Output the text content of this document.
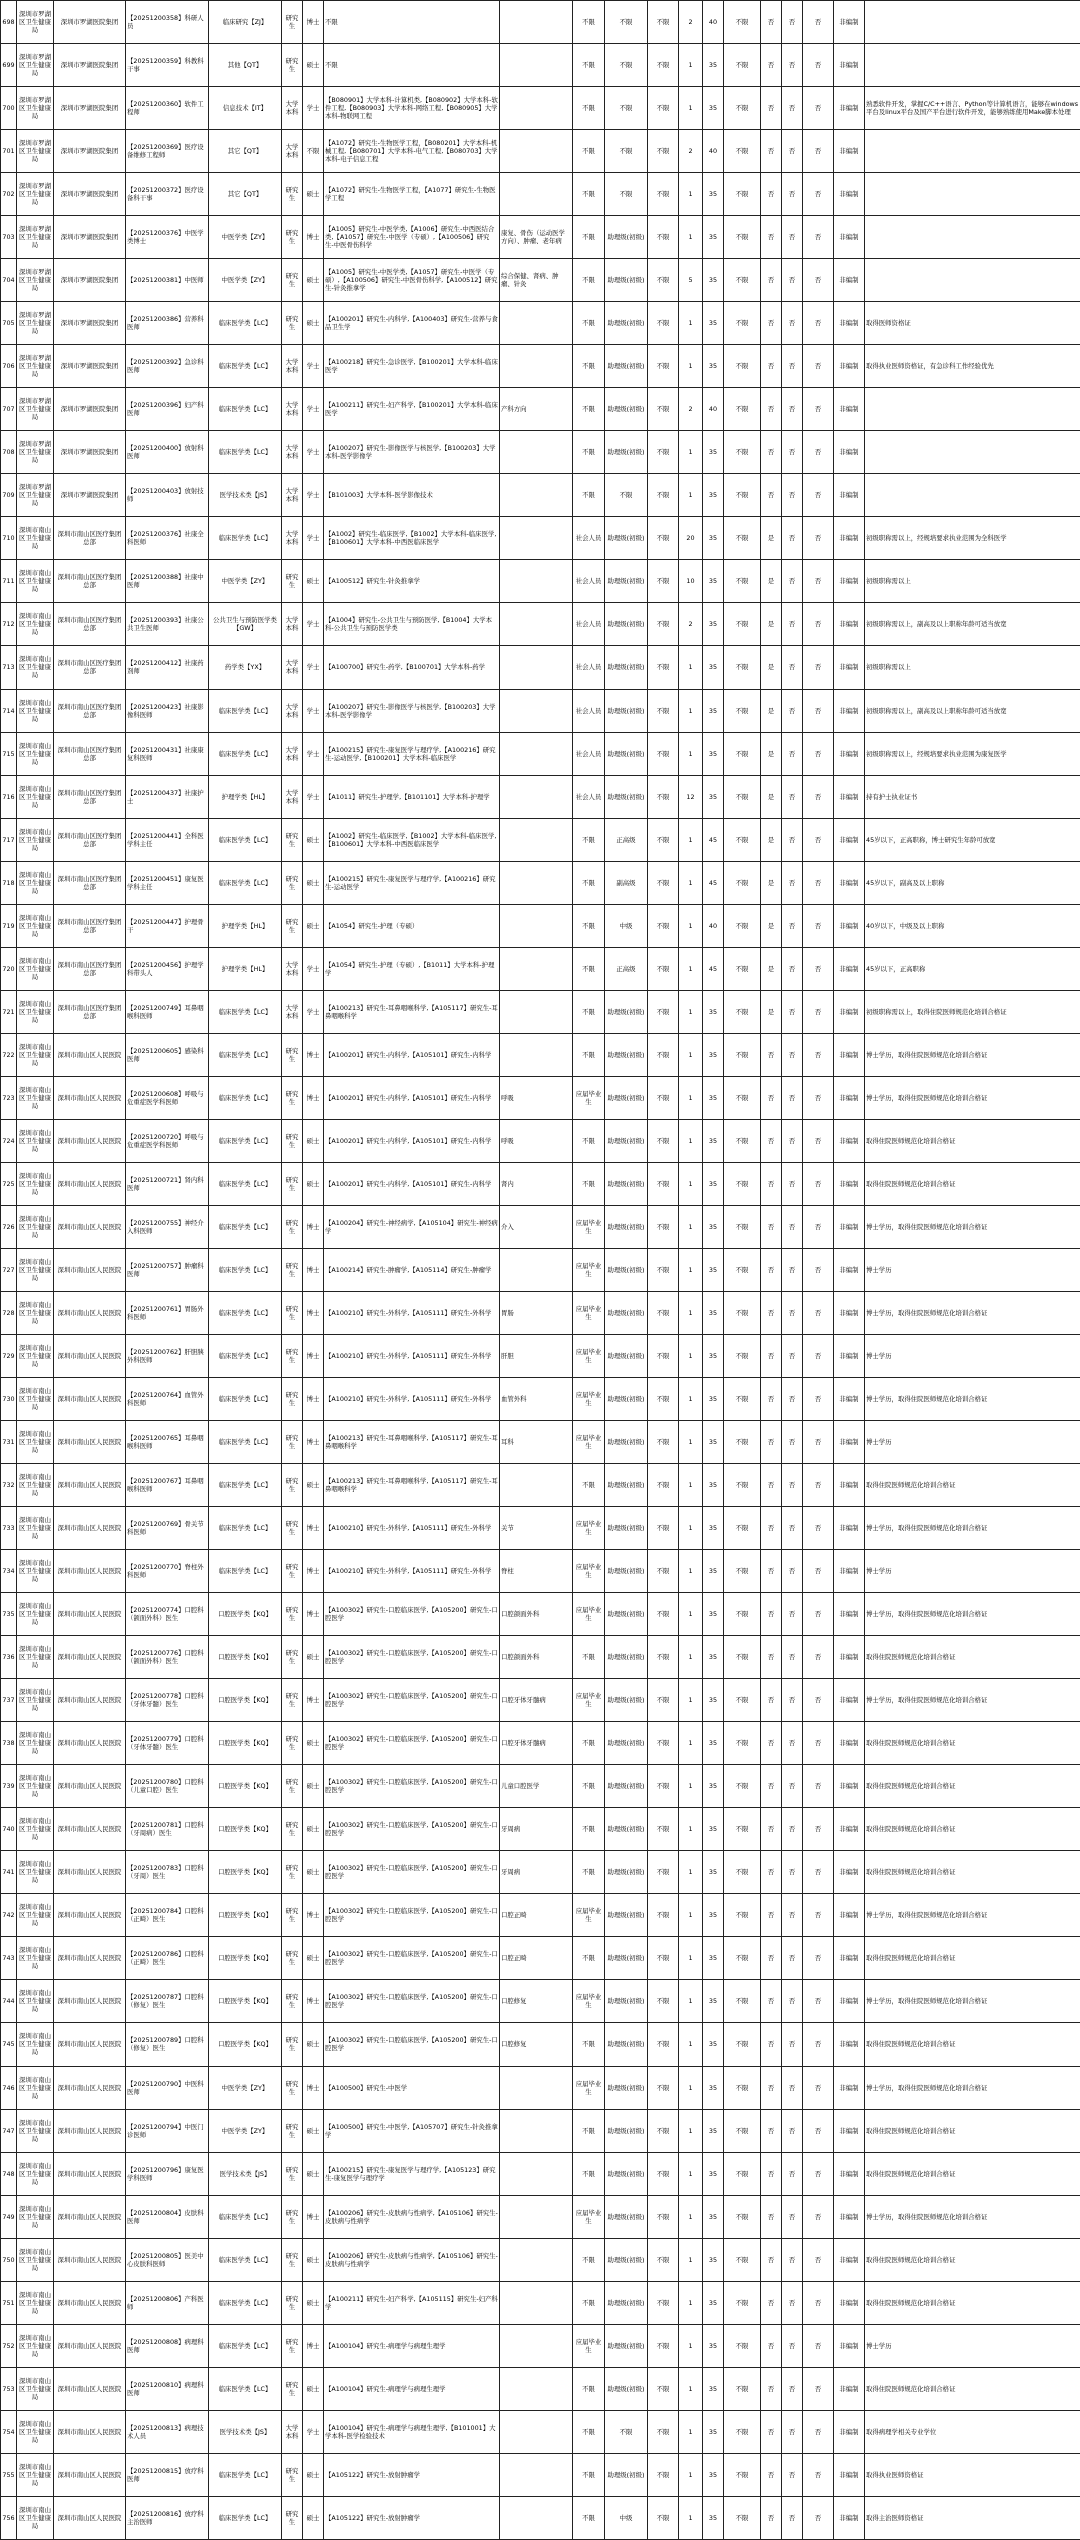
698	深圳市罗湖区卫生健康局	深圳市罗湖医院集团	【20251200358】科研人员	临床研究【ZJ】	研究生	博士	不限		不限	不限	不限	2	40	不限	否	否	否	非编制	
699	深圳市罗湖区卫生健康局	深圳市罗湖医院集团	【20251200359】科教科干事	其他【QT】	研究生	硕士	不限		不限	不限	不限	1	35	不限	否	否	否	非编制	
700	深圳市罗湖区卫生健康局	深圳市罗湖医院集团	【20251200360】软件工程师	信息技术【IT】	大学本科	学士	【B080901】大学本科-计算机类,【B080902】大学本科-软件工程,【B080903】大学本科-网络工程,【B080905】大学本科-物联网工程		不限	不限	不限	1	35	不限	否	否	否	非编制	熟悉软件开发，掌握C/C++语言、Python等计算机语言，能够在windows平台及linux平台及国产平台进行软件开发，能够熟练使用Make脚本处理
701	深圳市罗湖区卫生健康局	深圳市罗湖医院集团	【20251200369】医疗设备维修工程师	其它【QT】	大学本科	不限	【A1072】研究生-生物医学工程，【B080201】大学本科-机械工程,【B080701】大学本科-电气工程,【B080703】大学本科-电子信息工程		不限	不限	不限	2	40	不限	否	否	否	非编制	
702	深圳市罗湖区卫生健康局	深圳市罗湖医院集团	【20251200372】医疗设备科干事	其它【QT】	研究生	硕士	【A1072】研究生-生物医学工程，【A1077】研究生-生物医学工程		不限	不限	不限	1	35	不限	否	否	否	非编制	
703	深圳市罗湖区卫生健康局	深圳市罗湖医院集团	【20251200376】中医学类博士	中医学类【ZY】	研究生	博士	【A1005】研究生-中医学类,【A1006】研究生-中西医结合类,【A1057】研究生-中医学（专硕）,【A100506】研究生-中医骨伤科学	康复、骨伤（运动医学方向）、肿瘤、老年病	不限	助理级(初级)	不限	1	35	不限	否	否	否	非编制	
704	深圳市罗湖区卫生健康局	深圳市罗湖医院集团	【20251200381】中医师	中医学类【ZY】	研究生	硕士	【A1005】研究生-中医学类,【A1057】研究生-中医学（专硕）,【A100506】研究生-中医骨伤科学,【A100512】研究生-针灸推拿学	综合保健、肾病、肿瘤、针灸	不限	助理级(初级)	不限	5	35	不限	否	否	否	非编制	
705	深圳市罗湖区卫生健康局	深圳市罗湖医院集团	【20251200386】营养科医师	临床医学类【LC】	研究生	硕士	【A100201】研究生-内科学,【A100403】研究生-营养与食品卫生学		不限	助理级(初级)	不限	1	35	不限	否	否	否	非编制	取得医师资格证
706	深圳市罗湖区卫生健康局	深圳市罗湖医院集团	【20251200392】急诊科医师	临床医学类【LC】	大学本科	学士	【A100218】研究生-急诊医学,【B100201】大学本科-临床医学		不限	助理级(初级)	不限	1	35	不限	否	否	否	非编制	取得执业医师资格证，有急诊科工作经验优先
707	深圳市罗湖区卫生健康局	深圳市罗湖医院集团	【20251200396】妇产科医师	临床医学类【LC】	大学本科	学士	【A100211】研究生-妇产科学,【B100201】大学本科-临床医学	产科方向	不限	助理级(初级)	不限	2	40	不限	否	否	否	非编制	
708	深圳市罗湖区卫生健康局	深圳市罗湖医院集团	【20251200400】放射科医师	临床医学类【LC】	大学本科	学士	【A100207】研究生-影像医学与核医学,【B100203】大学本科-医学影像学		不限	助理级(初级)	不限	1	35	不限	否	否	否	非编制	
709	深圳市罗湖区卫生健康局	深圳市罗湖医院集团	【20251200403】放射技师	医学技术类【JS】	大学本科	学士	【B101003】大学本科-医学影像技术		不限	不限	不限	1	35	不限	否	否	否	非编制	
710	深圳市南山区卫生健康局	深圳市南山区医疗集团总部	【20251200376】社康全科医师	临床医学类【LC】	大学本科	学士	【A1002】研究生-临床医学,【B1002】大学本科-临床医学,【B100601】大学本科-中西医临床医学		社会人员	助理级(初级)	不限	20	35	不限	是	否	否	非编制	初级职称需以上，经规培要求执业范围为全科医学
711	深圳市南山区卫生健康局	深圳市南山区医疗集团总部	【20251200388】社康中医师	中医学类【ZY】	研究生	硕士	【A100512】研究生-针灸推拿学		社会人员	助理级(初级)	不限	10	35	不限	是	否	否	非编制	初级职称需以上
712	深圳市南山区卫生健康局	深圳市南山区医疗集团总部	【20251200393】社康公共卫生医师	公共卫生与预防医学类【GW】	大学本科	学士	【A1004】研究生-公共卫生与预防医学,【B1004】大学本科-公共卫生与预防医学类		社会人员	助理级(初级)	不限	2	35	不限	是	否	否	非编制	初级职称需以上，副高及以上职称年龄可适当放宽
713	深圳市南山区卫生健康局	深圳市南山区医疗集团总部	【20251200412】社康药剂师	药学类【YX】	大学本科	学士	【A100700】研究生-药学,【B100701】大学本科-药学		社会人员	助理级(初级)	不限	1	35	不限	是	否	否	非编制	初级职称需以上
714	深圳市南山区卫生健康局	深圳市南山区医疗集团总部	【20251200423】社康影像科医师	临床医学类【LC】	大学本科	学士	【A100207】研究生-影像医学与核医学,【B100203】大学本科-医学影像学		社会人员	助理级(初级)	不限	1	35	不限	是	否	否	非编制	初级职称需以上，副高及以上职称年龄可适当放宽
715	深圳市南山区卫生健康局	深圳市南山区医疗集团总部	【20251200431】社康康复科医师	临床医学类【LC】	大学本科	学士	【A100215】研究生-康复医学与理疗学,【A100216】研究生-运动医学,【B100201】大学本科-临床医学		社会人员	助理级(初级)	不限	1	35	不限	是	否	否	非编制	初级职称需以上，经规培要求执业范围为康复医学
716	深圳市南山区卫生健康局	深圳市南山区医疗集团总部	【20251200437】社康护士	护理学类【HL】	大学本科	学士	【A1011】研究生-护理学,【B101101】大学本科-护理学		社会人员	助理级(初级)	不限	12	35	不限	是	否	否	非编制	持有护士执业证书
717	深圳市南山区卫生健康局	深圳市南山区医疗集团总部	【20251200441】全科医学科主任	临床医学类【LC】	研究生	硕士	【A1002】研究生-临床医学,【B1002】大学本科-临床医学,【B100601】大学本科-中西医临床医学		不限	正高级	不限	1	45	不限	是	否	否	非编制	45岁以下，正高职称，博士研究生年龄可放宽
718	深圳市南山区卫生健康局	深圳市南山区医疗集团总部	【20251200451】康复医学科主任	临床医学类【LC】	研究生	硕士	【A100215】研究生-康复医学与理疗学,【A100216】研究生-运动医学		不限	副高级	不限	1	45	不限	是	否	否	非编制	45岁以下，副高及以上职称
719	深圳市南山区卫生健康局	深圳市南山区医疗集团总部	【20251200447】护理骨干	护理学类【HL】	研究生	硕士	【A1054】研究生-护理（专硕）		不限	中级	不限	1	40	不限	是	否	否	非编制	40岁以下，中级及以上职称
720	深圳市南山区卫生健康局	深圳市南山区医疗集团总部	【20251200456】护理学科带头人	护理学类【HL】	大学本科	学士	【A1054】研究生-护理（专硕）,【B1011】大学本科-护理学		不限	正高级	不限	1	45	不限	是	否	否	非编制	45岁以下，正高职称
721	深圳市南山区卫生健康局	深圳市南山区医疗集团总部	【20251200749】耳鼻咽喉科医师	临床医学类【LC】	大学本科	学士	【A100213】研究生-耳鼻咽喉科学,【A105117】研究生-耳鼻咽喉科学		不限	助理级(初级)	不限	1	35	不限	是	否	否	非编制	初级职称需以上，取得住院医师规范化培训合格证
722	深圳市南山区卫生健康局	深圳市南山区人民医院	【20251200605】感染科医师	临床医学类【LC】	研究生	博士	【A100201】研究生-内科学,【A105101】研究生-内科学		不限	助理级(初级)	不限	1	35	不限	否	否	否	非编制	博士学历，取得住院医师规范化培训合格证
723	深圳市南山区卫生健康局	深圳市南山区人民医院	【20251200608】呼吸与危重症医学科医师	临床医学类【LC】	研究生	博士	【A100201】研究生-内科学,【A105101】研究生-内科学	呼吸	应届毕业生	助理级(初级)	不限	1	35	不限	否	否	否	非编制	博士学历，取得住院医师规范化培训合格证
724	深圳市南山区卫生健康局	深圳市南山区人民医院	【20251200720】呼吸与危重症医学科医师	临床医学类【LC】	研究生	硕士	【A100201】研究生-内科学,【A105101】研究生-内科学	呼吸	不限	助理级(初级)	不限	1	35	不限	否	否	否	非编制	取得住院医师规范化培训合格证
725	深圳市南山区卫生健康局	深圳市南山区人民医院	【20251200721】肾内科医师	临床医学类【LC】	研究生	硕士	【A100201】研究生-内科学,【A105101】研究生-内科学	肾内	不限	助理级(初级)	不限	1	35	不限	否	否	否	非编制	取得住院医师规范化培训合格证
726	深圳市南山区卫生健康局	深圳市南山区人民医院	【20251200755】神经介入科医师	临床医学类【LC】	研究生	博士	【A100204】研究生-神经病学,【A105104】研究生-神经病学	介入	应届毕业生	助理级(初级)	不限	1	35	不限	否	否	否	非编制	博士学历，取得住院医师规范化培训合格证
727	深圳市南山区卫生健康局	深圳市南山区人民医院	【20251200757】肿瘤科医师	临床医学类【LC】	研究生	博士	【A100214】研究生-肿瘤学,【A105114】研究生-肿瘤学		应届毕业生	助理级(初级)	不限	1	35	不限	否	否	否	非编制	博士学历
728	深圳市南山区卫生健康局	深圳市南山区人民医院	【20251200761】胃肠外科医师	临床医学类【LC】	研究生	博士	【A100210】研究生-外科学,【A105111】研究生-外科学	胃肠	应届毕业生	助理级(初级)	不限	1	35	不限	否	否	否	非编制	博士学历，取得住院医师规范化培训合格证
729	深圳市南山区卫生健康局	深圳市南山区人民医院	【20251200762】肝胆胰外科医师	临床医学类【LC】	研究生	博士	【A100210】研究生-外科学,【A105111】研究生-外科学	肝胆	应届毕业生	助理级(初级)	不限	1	35	不限	否	否	否	非编制	博士学历
730	深圳市南山区卫生健康局	深圳市南山区人民医院	【20251200764】血管外科医师	临床医学类【LC】	研究生	博士	【A100210】研究生-外科学,【A105111】研究生-外科学	血管外科	应届毕业生	助理级(初级)	不限	1	35	不限	否	否	否	非编制	博士学历，取得住院医师规范化培训合格证
731	深圳市南山区卫生健康局	深圳市南山区人民医院	【20251200765】耳鼻咽喉科医师	临床医学类【LC】	研究生	博士	【A100213】研究生-耳鼻咽喉科学,【A105117】研究生-耳鼻咽喉科学	耳科	应届毕业生	助理级(初级)	不限	1	35	不限	否	否	否	非编制	博士学历
732	深圳市南山区卫生健康局	深圳市南山区人民医院	【20251200767】耳鼻咽喉科医师	临床医学类【LC】	研究生	硕士	【A100213】研究生-耳鼻咽喉科学,【A105117】研究生-耳鼻咽喉科学		不限	助理级(初级)	不限	1	35	不限	否	否	否	非编制	取得住院医师规范化培训合格证
733	深圳市南山区卫生健康局	深圳市南山区人民医院	【20251200769】骨关节科医师	临床医学类【LC】	研究生	博士	【A100210】研究生-外科学,【A105111】研究生-外科学	关节	应届毕业生	助理级(初级)	不限	1	35	不限	否	否	否	非编制	博士学历，取得住院医师规范化培训合格证
734	深圳市南山区卫生健康局	深圳市南山区人民医院	【20251200770】脊柱外科医师	临床医学类【LC】	研究生	博士	【A100210】研究生-外科学,【A105111】研究生-外科学	脊柱	应届毕业生	助理级(初级)	不限	1	35	不限	否	否	否	非编制	博士学历
735	深圳市南山区卫生健康局	深圳市南山区人民医院	【20251200774】口腔科（颌面外科）医生	口腔医学类【KQ】	研究生	博士	【A100302】研究生-口腔临床医学,【A105200】研究生-口腔医学	口腔颌面外科	应届毕业生	助理级(初级)	不限	1	35	不限	否	否	否	非编制	博士学历，取得住院医师规范化培训合格证
736	深圳市南山区卫生健康局	深圳市南山区人民医院	【20251200776】口腔科（颌面外科）医生	口腔医学类【KQ】	研究生	硕士	【A100302】研究生-口腔临床医学,【A105200】研究生-口腔医学	口腔颌面外科	不限	助理级(初级)	不限	1	35	不限	否	否	否	非编制	取得住院医师规范化培训合格证
737	深圳市南山区卫生健康局	深圳市南山区人民医院	【20251200778】口腔科（牙体牙髓）医生	口腔医学类【KQ】	研究生	博士	【A100302】研究生-口腔临床医学,【A105200】研究生-口腔医学	口腔牙体牙髓病	应届毕业生	助理级(初级)	不限	1	35	不限	否	否	否	非编制	博士学历，取得住院医师规范化培训合格证
738	深圳市南山区卫生健康局	深圳市南山区人民医院	【20251200779】口腔科（牙体牙髓）医生	口腔医学类【KQ】	研究生	硕士	【A100302】研究生-口腔临床医学,【A105200】研究生-口腔医学	口腔牙体牙髓病	不限	助理级(初级)	不限	1	35	不限	否	否	否	非编制	取得住院医师规范化培训合格证
739	深圳市南山区卫生健康局	深圳市南山区人民医院	【20251200780】口腔科（儿童口腔）医生	口腔医学类【KQ】	研究生	硕士	【A100302】研究生-口腔临床医学,【A105200】研究生-口腔医学	儿童口腔医学	不限	助理级(初级)	不限	1	35	不限	否	否	否	非编制	取得住院医师规范化培训合格证
740	深圳市南山区卫生健康局	深圳市南山区人民医院	【20251200781】口腔科（牙周病）医生	口腔医学类【KQ】	研究生	硕士	【A100302】研究生-口腔临床医学,【A105200】研究生-口腔医学	牙周病	不限	助理级(初级)	不限	1	35	不限	否	否	否	非编制	取得住院医师规范化培训合格证
741	深圳市南山区卫生健康局	深圳市南山区人民医院	【20251200783】口腔科（牙周）医生	口腔医学类【KQ】	研究生	硕士	【A100302】研究生-口腔临床医学,【A105200】研究生-口腔医学	牙周病	不限	助理级(初级)	不限	1	35	不限	否	否	否	非编制	取得住院医师规范化培训合格证
742	深圳市南山区卫生健康局	深圳市南山区人民医院	【20251200784】口腔科（正畸）医生	口腔医学类【KQ】	研究生	博士	【A100302】研究生-口腔临床医学,【A105200】研究生-口腔医学	口腔正畸	应届毕业生	助理级(初级)	不限	1	35	不限	否	否	否	非编制	博士学历，取得住院医师规范化培训合格证
743	深圳市南山区卫生健康局	深圳市南山区人民医院	【20251200786】口腔科（正畸）医生	口腔医学类【KQ】	研究生	硕士	【A100302】研究生-口腔临床医学,【A105200】研究生-口腔医学	口腔正畸	不限	助理级(初级)	不限	1	35	不限	否	否	否	非编制	取得住院医师规范化培训合格证
744	深圳市南山区卫生健康局	深圳市南山区人民医院	【20251200787】口腔科（修复）医生	口腔医学类【KQ】	研究生	博士	【A100302】研究生-口腔临床医学,【A105200】研究生-口腔医学	口腔修复	应届毕业生	助理级(初级)	不限	1	35	不限	否	否	否	非编制	博士学历，取得住院医师规范化培训合格证
745	深圳市南山区卫生健康局	深圳市南山区人民医院	【20251200789】口腔科（修复）医生	口腔医学类【KQ】	研究生	硕士	【A100302】研究生-口腔临床医学,【A105200】研究生-口腔医学	口腔修复	不限	助理级(初级)	不限	1	35	不限	否	否	否	非编制	取得住院医师规范化培训合格证
746	深圳市南山区卫生健康局	深圳市南山区人民医院	【20251200790】中医科医师	中医学类【ZY】	研究生	博士	【A100500】研究生-中医学		应届毕业生	助理级(初级)	不限	1	35	不限	否	否	否	非编制	博士学历，取得住院医师规范化培训合格证
747	深圳市南山区卫生健康局	深圳市南山区人民医院	【20251200794】中医门诊医师	中医学类【ZY】	研究生	硕士	【A100500】研究生-中医学,【A105707】研究生-针灸推拿学		不限	助理级(初级)	不限	1	35	不限	否	否	否	非编制	取得住院医师规范化培训合格证
748	深圳市南山区卫生健康局	深圳市南山区人民医院	【20251200796】康复医学科医师	医学技术类【JS】	研究生	硕士	【A100215】研究生-康复医学与理疗学,【A105123】研究生-康复医学与理疗学		不限	助理级(初级)	不限	1	35	不限	否	否	否	非编制	取得住院医师规范化培训合格证
749	深圳市南山区卫生健康局	深圳市南山区人民医院	【20251200804】皮肤科医师	临床医学类【LC】	研究生	博士	【A100206】研究生-皮肤病与性病学,【A105106】研究生-皮肤病与性病学		应届毕业生	助理级(初级)	不限	1	35	不限	否	否	否	非编制	博士学历，取得住院医师规范化培训合格证
750	深圳市南山区卫生健康局	深圳市南山区人民医院	【20251200805】医美中心皮肤科医师	临床医学类【LC】	研究生	硕士	【A100206】研究生-皮肤病与性病学,【A105106】研究生-皮肤病与性病学		不限	助理级(初级)	不限	1	35	不限	否	否	否	非编制	取得住院医师规范化培训合格证
751	深圳市南山区卫生健康局	深圳市南山区人民医院	【20251200806】产科医师	临床医学类【LC】	研究生	硕士	【A100211】研究生-妇产科学,【A105115】研究生-妇产科学		不限	助理级(初级)	不限	1	35	不限	否	否	否	非编制	取得住院医师规范化培训合格证
752	深圳市南山区卫生健康局	深圳市南山区人民医院	【20251200808】病理科医师	临床医学类【LC】	研究生	博士	【A100104】研究生-病理学与病理生理学		应届毕业生	助理级(初级)	不限	1	35	不限	否	否	否	非编制	博士学历
753	深圳市南山区卫生健康局	深圳市南山区人民医院	【20251200810】病理科医师	临床医学类【LC】	研究生	硕士	【A100104】研究生-病理学与病理生理学		不限	助理级(初级)	不限	1	35	不限	否	否	否	非编制	取得住院医师规范化培训合格证
754	深圳市南山区卫生健康局	深圳市南山区人民医院	【20251200813】病理技术人员	医学技术类【JS】	大学本科	学士	【A100104】研究生-病理学与病理生理学,【B101001】大学本科-医学检验技术		不限	不限	不限	1	35	不限	否	否	否	非编制	取得病理学相关专业学位
755	深圳市南山区卫生健康局	深圳市南山区人民医院	【20251200815】放疗科医师	临床医学类【LC】	研究生	硕士	【A105122】研究生-放射肿瘤学		不限	助理级(初级)	不限	1	35	不限	否	否	否	非编制	取得执业医师资格证
756	深圳市南山区卫生健康局	深圳市南山区人民医院	【20251200816】放疗科主治医师	临床医学类【LC】	研究生	硕士	【A105122】研究生-放射肿瘤学		不限	中级	不限	1	35	不限	否	否	否	非编制	取得主治医师资格证
